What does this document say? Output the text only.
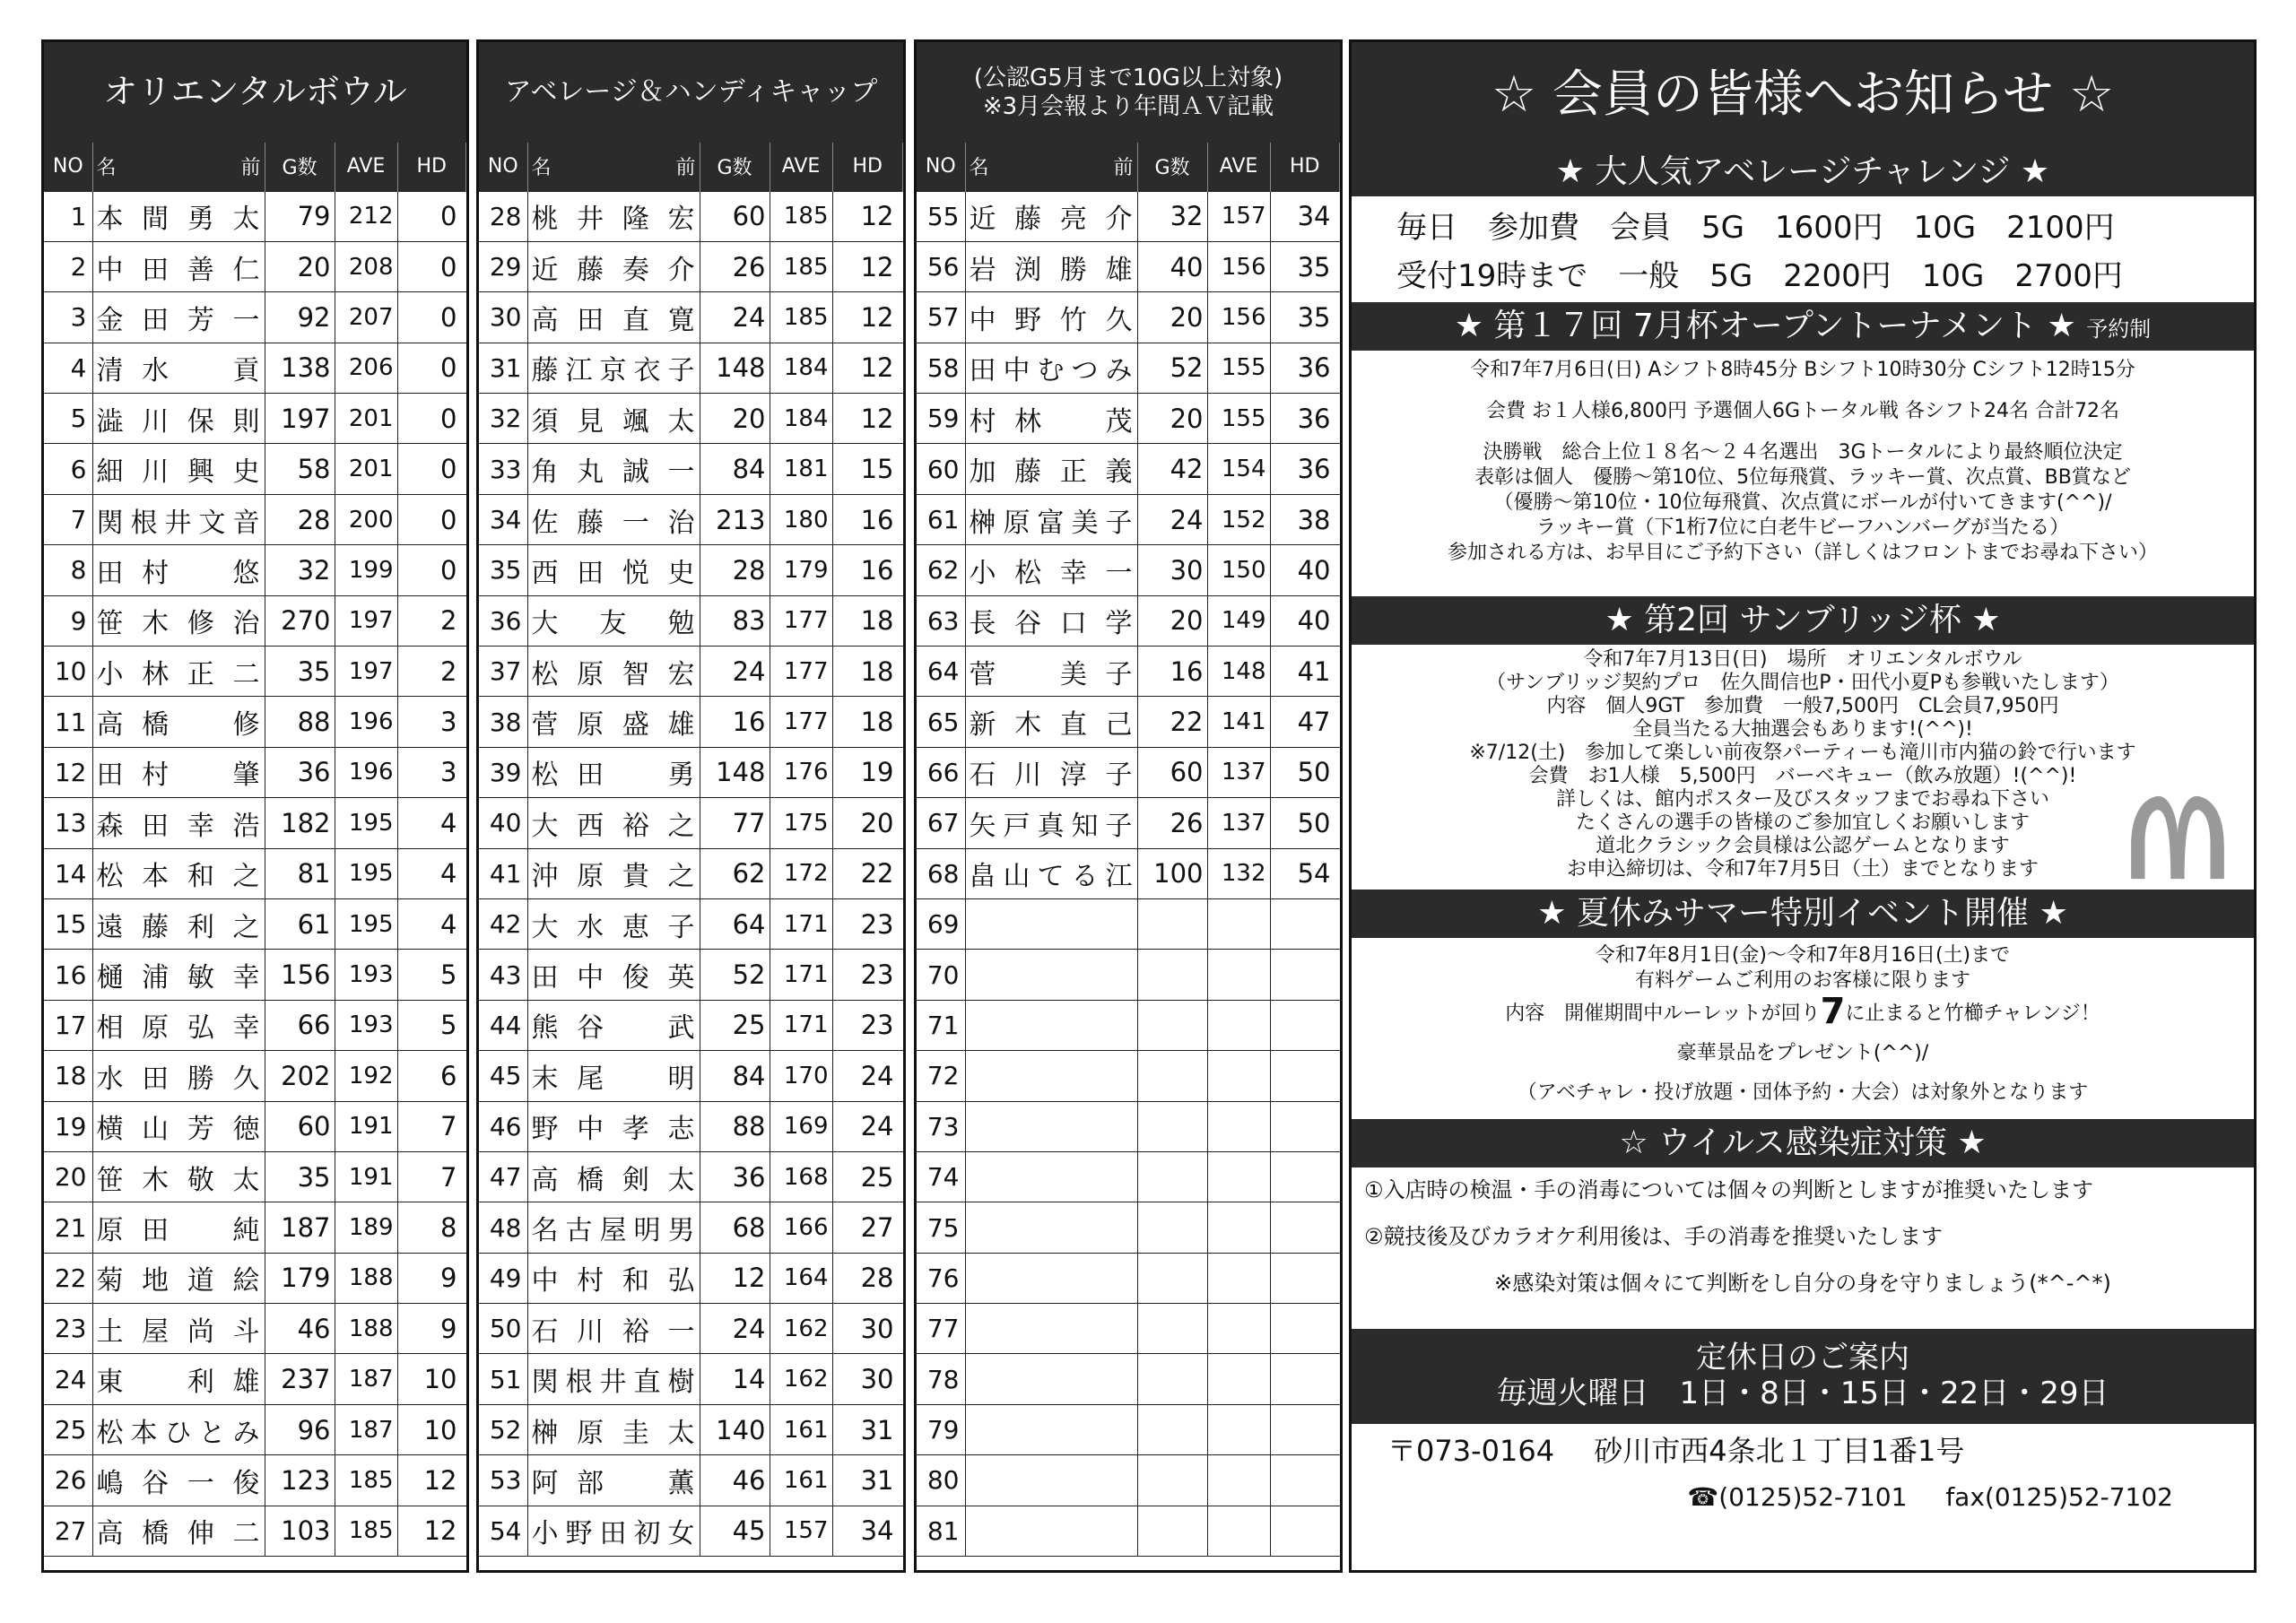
オリエンタルボウル
NO	名 前	G数	AVE	HD
1	本間勇太	79	212	0
2	中田善仁	20	208	0
3	金田芳一	92	207	0
4	清水　貢	138	206	0
5	澁川保則	197	201	0
6	細川興史	58	201	0
7	関根井文音	28	200	0
8	田村　悠	32	199	0
9	笹木修治	270	197	2
10	小林正二	35	197	2
11	高橋　修	88	196	3
12	田村　肇	36	196	3
13	森田幸浩	182	195	4
14	松本和之	81	195	4
15	遠藤利之	61	195	4
16	樋浦敏幸	156	193	5
17	相原弘幸	66	193	5
18	水田勝久	202	192	6
19	横山芳徳	60	191	7
20	笹木敬太	35	191	7
21	原田　純	187	189	8
22	菊地道絵	179	188	9
23	土屋尚斗	46	188	9
24	東　利雄	237	187	10
25	松本ひとみ	96	187	10
26	嶋谷一俊	123	185	12
27	高橋伸二	103	185	12
アベレージ＆ハンディキャップ
NO	名 前	G数	AVE	HD
28	桃井隆宏	60	185	12
29	近藤奏介	26	185	12
30	高田直寛	24	185	12
31	藤江京衣子	148	184	12
32	須見颯太	20	184	12
33	角丸誠一	84	181	15
34	佐藤一治	213	180	16
35	西田悦史	28	179	16
36	大　友　勉	83	177	18
37	松原智宏	24	177	18
38	菅原盛雄	16	177	18
39	松田　勇	148	176	19
40	大西裕之	77	175	20
41	沖原貴之	62	172	22
42	大水恵子	64	171	23
43	田中俊英	52	171	23
44	熊谷　武	25	171	23
45	末尾　明	84	170	24
46	野中孝志	88	169	24
47	高橋剣太	36	168	25
48	名古屋明男	68	166	27
49	中村和弘	12	164	28
50	石川裕一	24	162	30
51	関根井直樹	14	162	30
52	榊原圭太	140	161	31
53	阿部　薫	46	161	31
54	小野田初女	45	157	34
(公認G5月まで10G以上対象)
※3月会報より年間ＡＶ記載
NO	名 前	G数	AVE	HD
55	近藤亮介	32	157	34
56	岩渕勝雄	40	156	35
57	中野竹久	20	156	35
58	田中むつみ	52	155	36
59	村林　茂	20	155	36
60	加藤正義	42	154	36
61	榊原富美子	24	152	38
62	小松幸一	30	150	40
63	長谷口学	20	149	40
64	菅　美子	16	148	41
65	新木直己	22	141	47
66	石川淳子	60	137	50
67	矢戸真知子	26	137	50
68	畠山てる江	100	132	54
69				
70				
71				
72				
73				
74				
75				
76				
77				
78				
79				
80				
81				
☆ 会員の皆様へお知らせ ☆
★ 大人気アベレージチャレンジ ★
毎日　参加費　会員　5G　1600円　10G　2100円
受付19時まで　一般　5G　2200円　10G　2700円
★ 第１７回 7月杯オープントーナメント ★ 予約制
令和7年7月6日(日) Aシフト8時45分 Bシフト10時30分 Cシフト12時15分
会費 お１人様6,800円 予選個人6Gトータル戦 各シフト24名 合計72名
決勝戦　総合上位１８名～２４名選出　3Gトータルにより最終順位決定
表彰は個人　優勝～第10位、5位毎飛賞、ラッキー賞、次点賞、BB賞など
（優勝～第10位・10位毎飛賞、次点賞にボールが付いてきます(^^)/
ラッキー賞（下1桁7位に白老牛ビーフハンバーグが当たる）
参加される方は、お早目にご予約下さい（詳しくはフロントまでお尋ね下さい）
★ 第2回 サンブリッジ杯 ★
令和7年7月13日(日)　場所　オリエンタルボウル
（サンブリッジ契約プロ　佐久間信也P・田代小夏Pも参戦いたします）
内容　個人9GT　参加費　一般7,500円　CL会員7,950円
全員当たる大抽選会もあります!(^^)!
※7/12(土)　参加して楽しい前夜祭パーティーも滝川市内猫の鈴で行います
会費　お1人様　5,500円　バーベキュー（飲み放題）!(^^)!
詳しくは、館内ポスター及びスタッフまでお尋ね下さい
たくさんの選手の皆様のご参加宜しくお願いします
道北クラシック会員様は公認ゲームとなります
お申込締切は、令和7年7月5日（土）までとなります
★ 夏休みサマー特別イベント開催 ★
令和7年8月1日(金)～令和7年8月16日(土)まで
有料ゲームご利用のお客様に限ります
内容　開催期間中ルーレットが回り7に止まると竹櫛チャレンジ！
豪華景品をプレゼント(^^)/
（アベチャレ・投げ放題・団体予約・大会）は対象外となります
☆ ウイルス感染症対策 ★
①入店時の検温・手の消毒については個々の判断としますが推奨いたします
②競技後及びカラオケ利用後は、手の消毒を推奨いたします
※感染対策は個々にて判断をし自分の身を守りましょう(*^-^*)
定休日のご案内
毎週火曜日　1日・8日・15日・22日・29日
〒073-0164 砂川市西4条北１丁目1番1号
☎(0125)52-7101 fax(0125)52-7102
